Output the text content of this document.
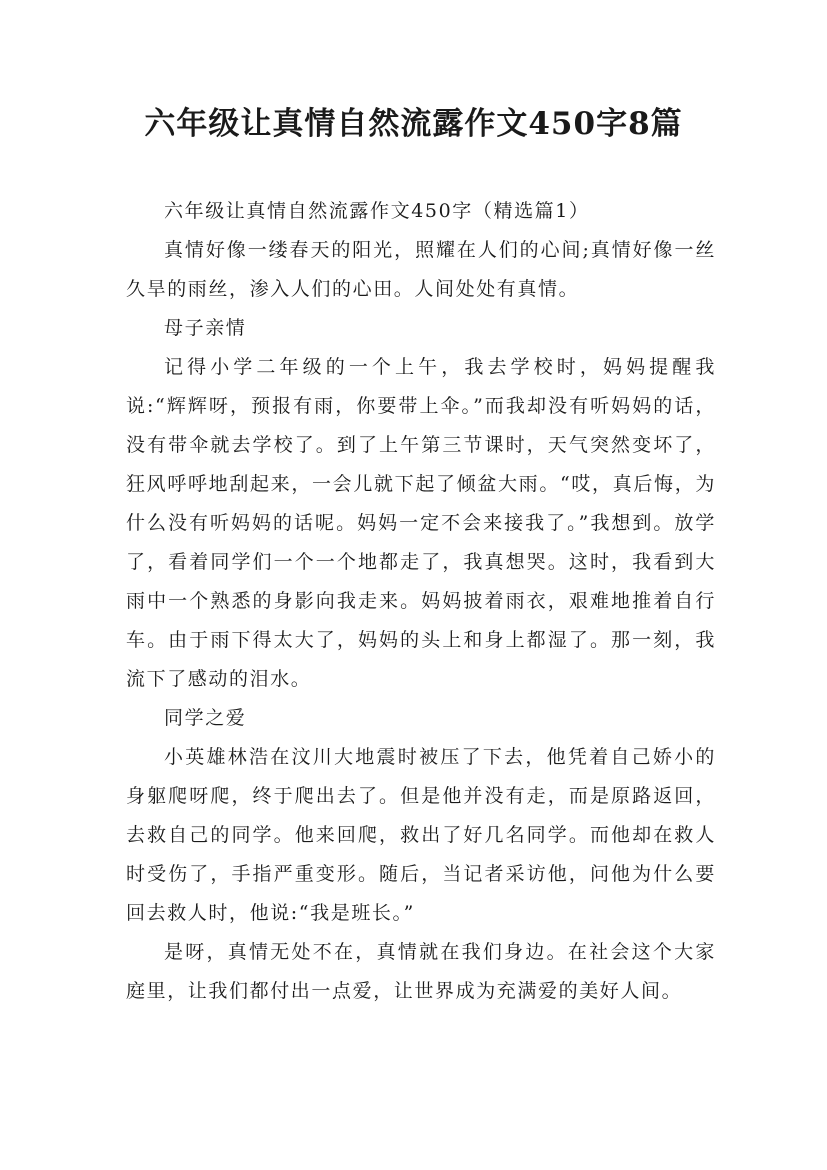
六年级让真情自然流露作文450字8篇

六年级让真情自然流露作文450字（精选篇1）

真情好像一缕春天的阳光，照耀在人们的心间;真情好像一丝久旱的雨丝，渗入人们的心田。人间处处有真情。

母子亲情

记得小学二年级的一个上午，我去学校时，妈妈提醒我说:“辉辉呀，预报有雨，你要带上伞。”而我却没有听妈妈的话，没有带伞就去学校了。到了上午第三节课时，天气突然变坏了，狂风呼呼地刮起来，一会儿就下起了倾盆大雨。“哎，真后悔，为什么没有听妈妈的话呢。妈妈一定不会来接我了。”我想到。放学了，看着同学们一个一个地都走了，我真想哭。这时，我看到大雨中一个熟悉的身影向我走来。妈妈披着雨衣，艰难地推着自行车。由于雨下得太大了，妈妈的头上和身上都湿了。那一刻，我流下了感动的泪水。

同学之爱

小英雄林浩在汶川大地震时被压了下去，他凭着自己娇小的身躯爬呀爬，终于爬出去了。但是他并没有走，而是原路返回，去救自己的同学。他来回爬，救出了好几名同学。而他却在救人时受伤了，手指严重变形。随后，当记者采访他，问他为什么要回去救人时，他说:“我是班长。”

是呀，真情无处不在，真情就在我们身边。在社会这个大家庭里，让我们都付出一点爱，让世界成为充满爱的美好人间。
